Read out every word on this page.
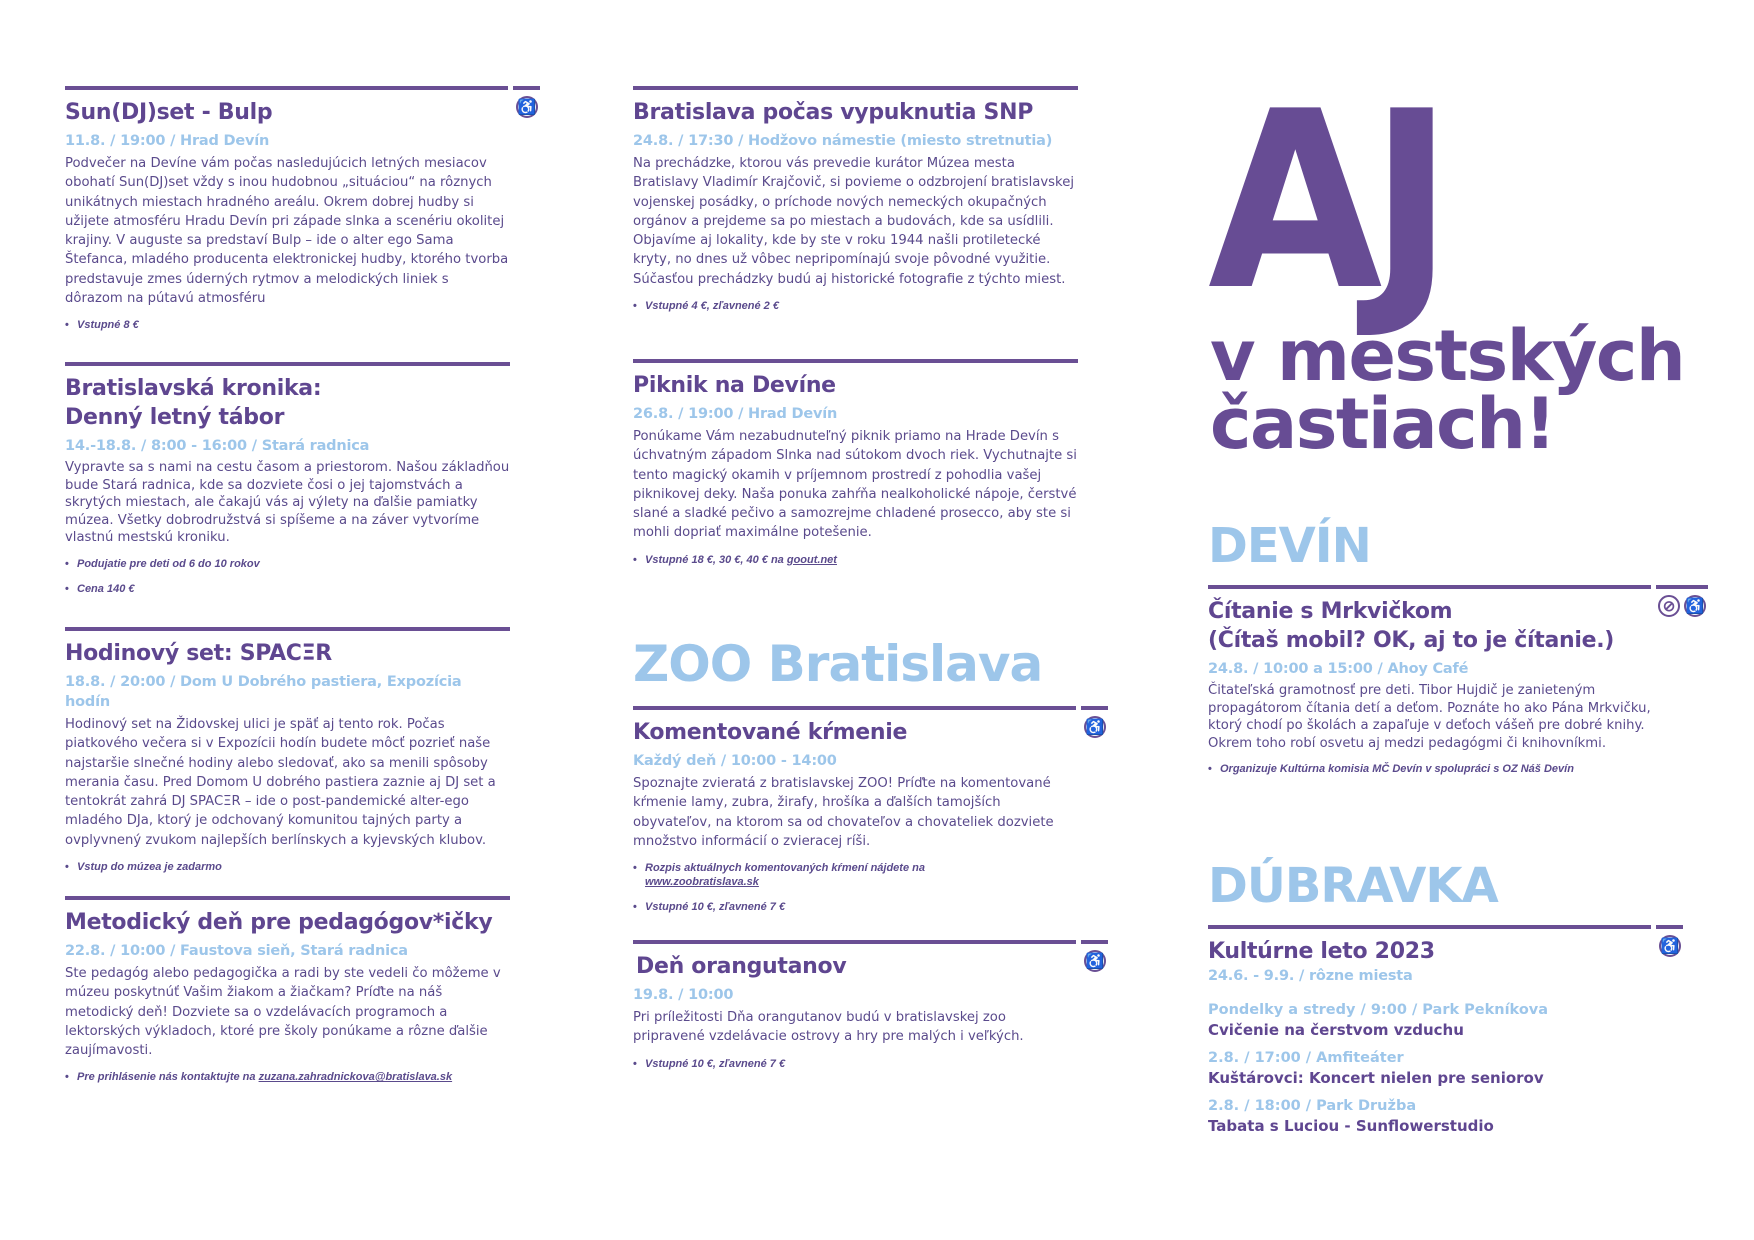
♿
Sun(DJ)set - Bulp
11.8. / 19:00 / Hrad Devín
Podvečer na Devíne vám počas nasledujúcich letných mesiacov obohatí Sun(DJ)set vždy s inou hudobnou „situáciou“ na rôznych unikátnych miestach hradného areálu. Okrem dobrej hudby si užijete atmosféru Hradu Devín pri západe slnka a scenériu okolitej krajiny. V auguste sa predstaví Bulp – ide o alter ego Sama Štefanca, mladého producenta elektronickej hudby, ktorého tvorba predstavuje zmes úderných rytmov a melodických liniek s dôrazom na pútavú atmosféru
• Vstupné 8 €
Bratislavská kronika:
Denný letný tábor
14.-18.8. / 8:00 - 16:00 / Stará radnica
Vypravte sa s nami na cestu časom a priestorom. Našou základňou bude Stará radnica, kde sa dozviete čosi o jej tajomstvách a skrytých miestach, ale čakajú vás aj výlety na ďalšie pamiatky múzea. Všetky dobrodružstvá si spíšeme a na záver vytvoríme vlastnú mestskú kroniku.
• Podujatie pre deti od 6 do 10 rokov
• Cena 140 €
Hodinový set: SPACΞR
18.8. / 20:00 / Dom U Dobrého pastiera, Expozícia hodín
Hodinový set na Židovskej ulici je späť aj tento rok. Počas piatkového večera si v Expozícii hodín budete môcť pozrieť naše najstaršie slnečné hodiny alebo sledovať, ako sa menili spôsoby merania času. Pred Domom U dobrého pastiera zaznie aj DJ set a tentokrát zahrá DJ SPACΞR – ide o post-pandemické alter-ego mladého DJa, ktorý je odchovaný komunitou tajných party a ovplyvnený zvukom najlepších berlínskych a kyjevských klubov.
• Vstup do múzea je zadarmo
Metodický deň pre pedagógov*ičky
22.8. / 10:00 / Faustova sieň, Stará radnica
Ste pedagóg alebo pedagogička a radi by ste vedeli čo môžeme v múzeu poskytnúť Vašim žiakom a žiačkam? Príďte na náš metodický deň! Dozviete sa o vzdelávacích programoch a lektorských výkladoch, ktoré pre školy ponúkame a rôzne ďalšie zaujímavosti.
• Pre prihlásenie nás kontaktujte na zuzana.zahradnickova@bratislava.sk
Bratislava počas vypuknutia SNP
24.8. / 17:30 / Hodžovo námestie (miesto stretnutia)
Na prechádzke, ktorou vás prevedie kurátor Múzea mesta Bratislavy Vladimír Krajčovič, si povieme o odzbrojení bratislavskej vojenskej posádky, o príchode nových nemeckých okupačných orgánov a prejdeme sa po miestach a budovách, kde sa usídlili. Objavíme aj lokality, kde by ste v roku 1944 našli protiletecké kryty, no dnes už vôbec nepripomínajú svoje pôvodné využitie. Súčasťou prechádzky budú aj historické fotografie z týchto miest.
• Vstupné 4 €, zľavnené 2 €
Piknik na Devíne
26.8. / 19:00 / Hrad Devín
Ponúkame Vám nezabudnuteľný piknik priamo na Hrade Devín s úchvatným západom Slnka nad sútokom dvoch riek. Vychutnajte si tento magický okamih v príjemnom prostredí z pohodlia vašej piknikovej deky. Naša ponuka zahŕňa nealkoholické nápoje, čerstvé slané a sladké pečivo a samozrejme chladené prosecco, aby ste si mohli dopriať maximálne potešenie.
• Vstupné 18 €, 30 €, 40 € na goout.net
ZOO Bratislava
♿
Komentované kŕmenie
Každý deň / 10:00 - 14:00
Spoznajte zvieratá z bratislavskej ZOO! Príďte na komentované kŕmenie lamy, zubra, žirafy, hrošíka a ďalších tamojších obyvateľov, na ktorom sa od chovateľov a chovateliek dozviete množstvo informácií o zvieracej ríši.
• Rozpis aktuálnych komentovaných kŕmení nájdete na www.zoobratislava.sk
• Vstupné 10 €, zľavnené 7 €
♿
Deň orangutanov
19.8. / 10:00
Pri príležitosti Dňa orangutanov budú v bratislavskej zoo pripravené vzdelávacie ostrovy a hry pre malých i veľkých.
• Vstupné 10 €, zľavnené 7 €
AJ
v mestských
častiach!
DEVÍN
⊘ ♿
Čítanie s Mrkvičkom
(Čítaš mobil? OK, aj to je čítanie.)
24.8. / 10:00 a 15:00 / Ahoy Café
Čitateľská gramotnosť pre deti. Tibor Hujdič je zanieteným propagátorom čítania detí a deťom. Poznáte ho ako Pána Mrkvičku, ktorý chodí po školách a zapaľuje v deťoch vášeň pre dobré knihy. Okrem toho robí osvetu aj medzi pedagógmi či knihovníkmi.
• Organizuje Kultúrna komisia MČ Devín v spolupráci s OZ Náš Devín
DÚBRAVKA
♿
Kultúrne leto 2023
24.6. - 9.9. / rôzne miesta
Pondelky a stredy / 9:00 / Park Pekníkova
Cvičenie na čerstvom vzduchu
2.8. / 17:00 / Amfiteáter
Kuštárovci: Koncert nielen pre seniorov
2.8. / 18:00 / Park Družba
Tabata s Luciou - Sunflowerstudio
